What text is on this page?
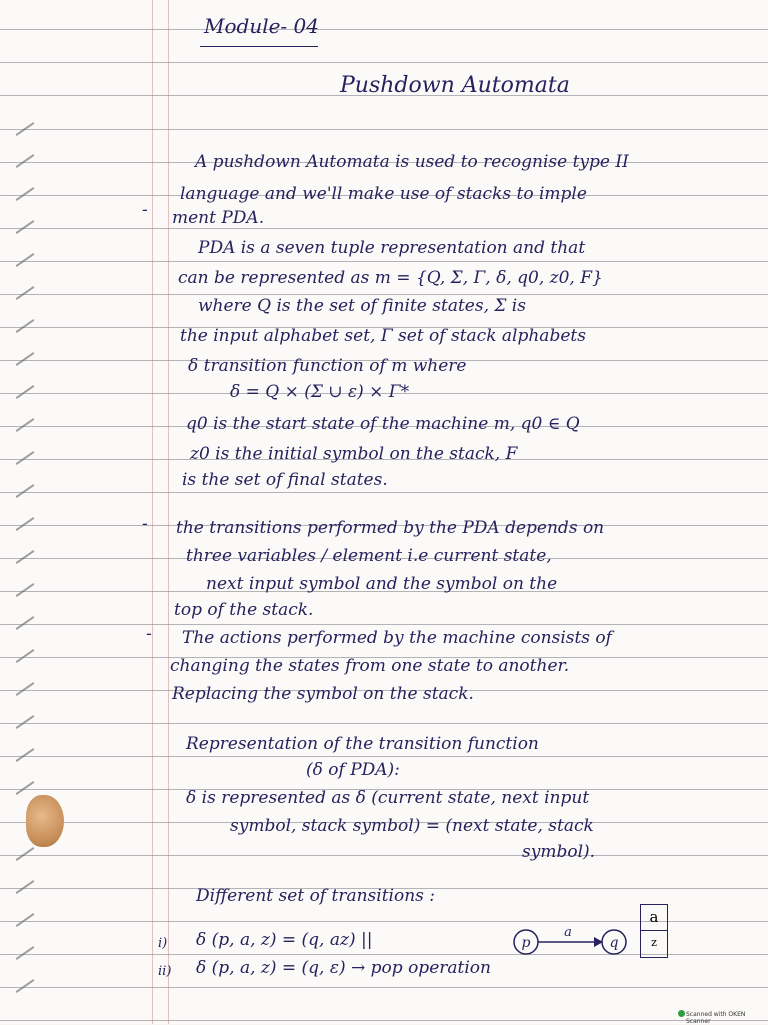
Module- 04
Pushdown Automata
A pushdown Automata is used to recognise type II
language and we'll make use of stacks to imple
- ment PDA.
PDA is a seven tuple representation and that
can be represented as m = {Q, Σ, Γ, δ, q0, z0, F}
where Q is the set of finite states, Σ is
the input alphabet set, Γ set of stack alphabets
δ transition function of m where
δ = Q × (Σ ∪ ε) × Γ*
q0 is the start state of the machine m, q0 ∈ Q
z0 is the initial symbol on the stack, F
is the set of final states.
- the transitions performed by the PDA depends on
three variables / element i.e current state,
next input symbol and the symbol on the
top of the stack.
- The actions performed by the machine consists of
changing the states from one state to another.
Replacing the symbol on the stack.
Representation of the transition function
(δ of PDA):
δ is represented as δ (current state, next input
symbol, stack symbol) = (next state, stack
symbol).
Different set of transitions :
i) δ (p, a, z) = (q, az) ||	p
a
q
a
z
ii) δ (p, a, z) = (q, ε) → pop operation
Scanned with OKEN Scanner
